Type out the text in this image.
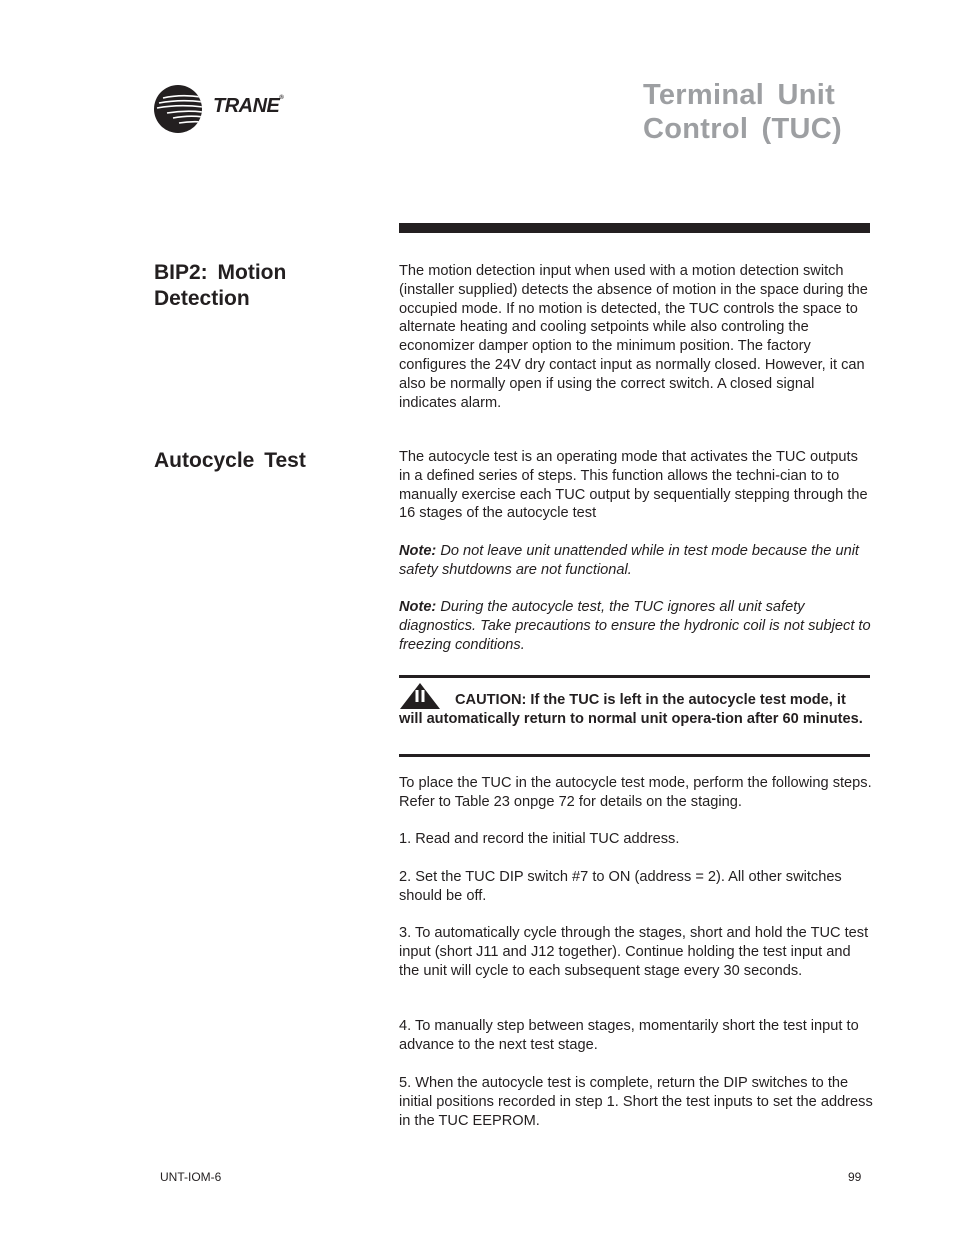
TRANE®	Terminal Unit
Control (TUC)
BIP2: Motion
Detection
The motion detection input when used with a motion detection switch (installer supplied) detects the absence of motion in the space during the occupied mode. If no motion is detected, the TUC controls the space to alternate heating and cooling setpoints while also controling the economizer damper option to the minimum position. The factory configures the 24V dry contact input as normally closed. However, it can also be normally open if using the correct switch. A closed signal indicates alarm.
Autocycle Test	The autocycle test is an operating mode that activates the TUC outputs in a defined series of steps. This function allows the techni-cian to to manually exercise each TUC output by sequentially stepping through the 16 stages of the autocycle test
Note: Do not leave unit unattended while in test mode because the unit safety shutdowns are not functional.
Note: During the autocycle test, the TUC ignores all unit safety diagnostics. Take precautions to ensure the hydronic coil is not subject to freezing conditions.
CAUTION: If the TUC is left in the autocycle test mode, it will automatically return to normal unit opera-tion after 60 minutes.
To place the TUC in the autocycle test mode, perform the following steps. Refer to Table 23 onpge 72 for details on the staging.
1. Read and record the initial TUC address.
2. Set the TUC DIP switch #7 to ON (address = 2). All other switches should be off.
3. To automatically cycle through the stages, short and hold the TUC test input (short J11 and J12 together). Continue holding the test input and the unit will cycle to each subsequent stage every 30 seconds.
4. To manually step between stages, momentarily short the test input to advance to the next test stage.
5. When the autocycle test is complete, return the DIP switches to the initial positions recorded in step 1. Short the test inputs to set the address in the TUC EEPROM.
UNT-IOM-6	99
